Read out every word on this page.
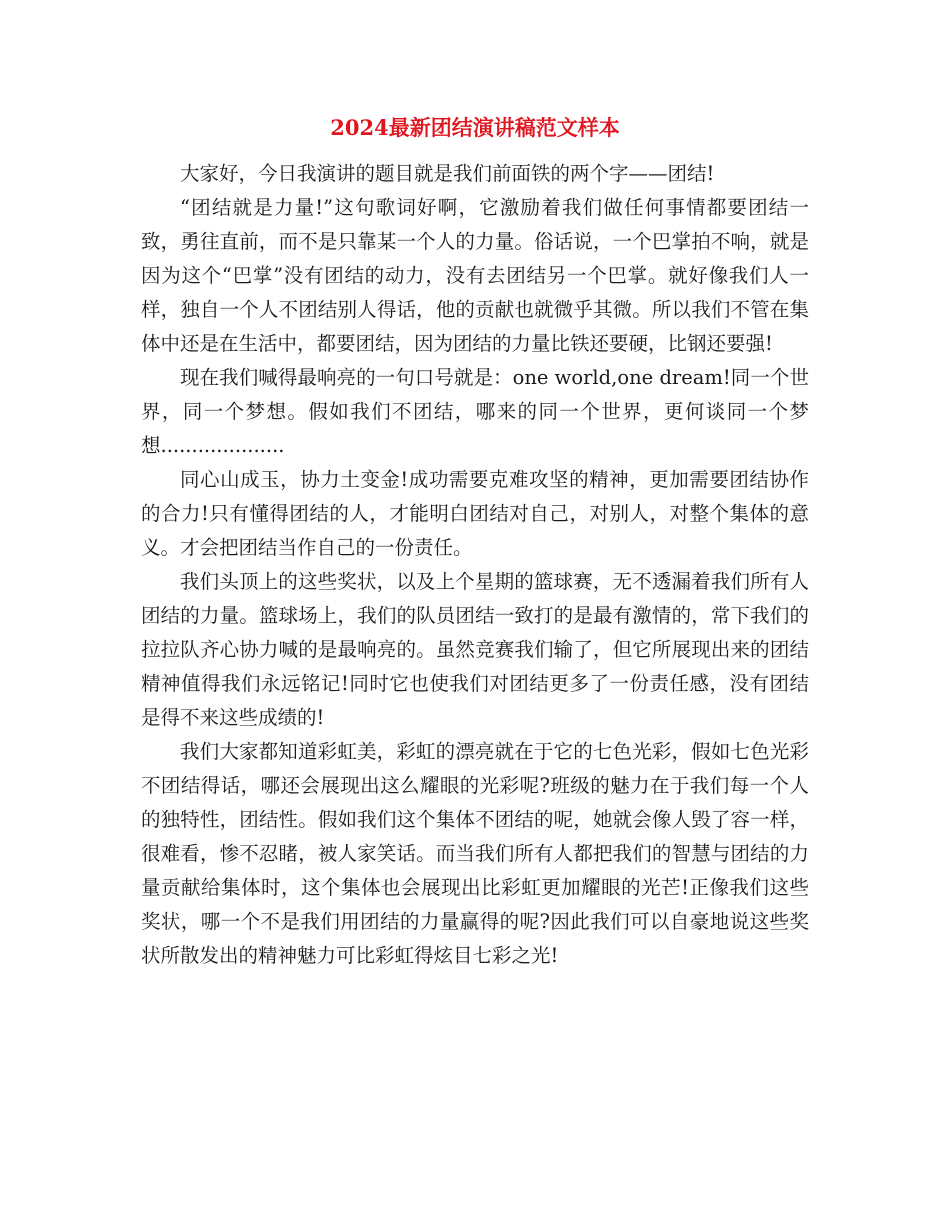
2024最新团结演讲稿范文样本

大家好，今日我演讲的题目就是我们前面铁的两个字——团结!

“团结就是力量!”这句歌词好啊，它激励着我们做任何事情都要团结一致，勇往直前，而不是只靠某一个人的力量。俗话说，一个巴掌拍不响，就是因为这个“巴掌”没有团结的动力，没有去团结另一个巴掌。就好像我们人一样，独自一个人不团结别人得话，他的贡献也就微乎其微。所以我们不管在集体中还是在生活中，都要团结，因为团结的力量比铁还要硬，比钢还要强!

现在我们喊得最响亮的一句口号就是：one world,one dream!同一个世界，同一个梦想。假如我们不团结，哪来的同一个世界，更何谈同一个梦想....................

同心山成玉，协力土变金!成功需要克难攻坚的精神，更加需要团结协作的合力!只有懂得团结的人，才能明白团结对自己，对别人，对整个集体的意义。才会把团结当作自己的一份责任。

我们头顶上的这些奖状，以及上个星期的篮球赛，无不透漏着我们所有人团结的力量。篮球场上，我们的队员团结一致打的是最有激情的，常下我们的拉拉队齐心协力喊的是最响亮的。虽然竞赛我们输了，但它所展现出来的团结精神值得我们永远铭记!同时它也使我们对团结更多了一份责任感，没有团结是得不来这些成绩的!

我们大家都知道彩虹美，彩虹的漂亮就在于它的七色光彩，假如七色光彩不团结得话，哪还会展现出这么耀眼的光彩呢?班级的魅力在于我们每一个人的独特性，团结性。假如我们这个集体不团结的呢，她就会像人毁了容一样，很难看，惨不忍睹，被人家笑话。而当我们所有人都把我们的智慧与团结的力量贡献给集体时，这个集体也会展现出比彩虹更加耀眼的光芒!正像我们这些奖状，哪一个不是我们用团结的力量赢得的呢?因此我们可以自豪地说这些奖状所散发出的精神魅力可比彩虹得炫目七彩之光!
